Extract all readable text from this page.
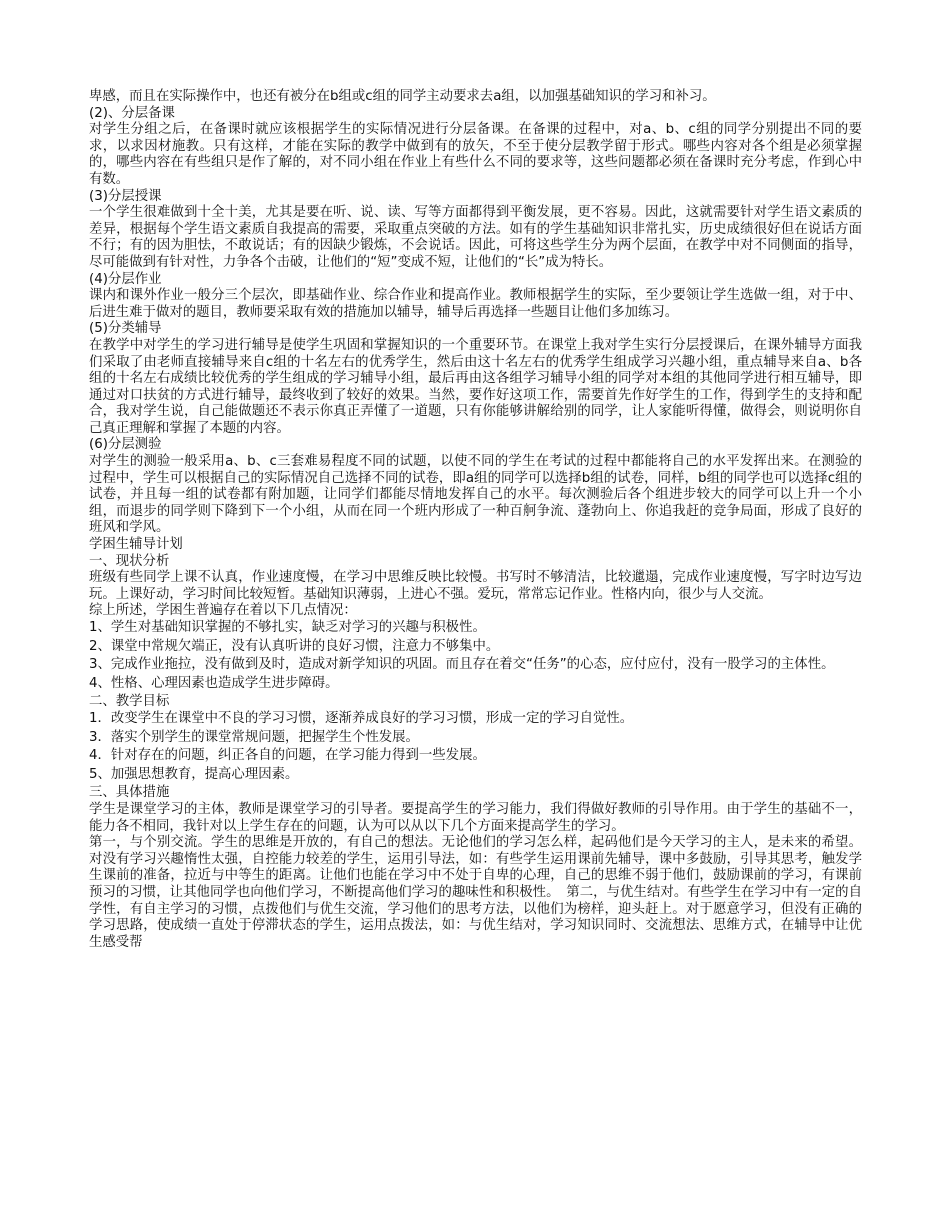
卑感，而且在实际操作中，也还有被分在b组或c组的同学主动要求去a组，以加强基础知识的学习和补习。

(2)、分层备课

对学生分组之后，在备课时就应该根据学生的实际情况进行分层备课。在备课的过程中，对a、b、c组的同学分别提出不同的要求，以求因材施教。只有这样，才能在实际的教学中做到有的放矢，不至于使分层教学留于形式。哪些内容对各个组是必须掌握的，哪些内容在有些组只是作了解的，对不同小组在作业上有些什么不同的要求等，这些问题都必须在备课时充分考虑，作到心中有数。

(3)分层授课

一个学生很难做到十全十美，尤其是要在听、说、读、写等方面都得到平衡发展，更不容易。因此，这就需要针对学生语文素质的差异，根据每个学生语文素质自我提高的需要，采取重点突破的方法。如有的学生基础知识非常扎实，历史成绩很好但在说话方面不行；有的因为胆怯，不敢说话；有的因缺少锻炼，不会说话。因此，可将这些学生分为两个层面，在教学中对不同侧面的指导，尽可能做到有针对性，力争各个击破，让他们的“短”变成不短，让他们的“长”成为特长。

(4)分层作业

课内和课外作业一般分三个层次，即基础作业、综合作业和提高作业。教师根据学生的实际，至少要领让学生选做一组，对于中、后进生难于做对的题目，教师要采取有效的措施加以辅导，辅导后再选择一些题目让他们多加练习。

(5)分类辅导

在教学中对学生的学习进行辅导是使学生巩固和掌握知识的一个重要环节。在课堂上我对学生实行分层授课后，在课外辅导方面我们采取了由老师直接辅导来自c组的十名左右的优秀学生，然后由这十名左右的优秀学生组成学习兴趣小组，重点辅导来自a、b各组的十名左右成绩比较优秀的学生组成的学习辅导小组，最后再由这各组学习辅导小组的同学对本组的其他同学进行相互辅导，即通过对口扶贫的方式进行辅导，最终收到了较好的效果。当然，要作好这项工作，需要首先作好学生的工作，得到学生的支持和配合，我对学生说，自己能做题还不表示你真正弄懂了一道题，只有你能够讲解给别的同学，让人家能听得懂，做得会，则说明你自己真正理解和掌握了本题的内容。

(6)分层测验

对学生的测验一般采用a、b、c三套难易程度不同的试题，以使不同的学生在考试的过程中都能将自己的水平发挥出来。在测验的过程中，学生可以根据自己的实际情况自己选择不同的试卷，即a组的同学可以选择b组的试卷，同样，b组的同学也可以选择c组的试卷，并且每一组的试卷都有附加题，让同学们都能尽情地发挥自己的水平。每次测验后各个组进步较大的同学可以上升一个小组，而退步的同学则下降到下一个小组，从而在同一个班内形成了一种百舸争流、蓬勃向上、你追我赶的竞争局面，形成了良好的班风和学风。

学困生辅导计划

一、现状分析

班级有些同学上课不认真，作业速度慢，在学习中思维反映比较慢。书写时不够清洁，比较邋遢，完成作业速度慢，写字时边写边玩。上课好动，学习时间比较短暂。基础知识薄弱，上进心不强。爱玩，常常忘记作业。性格内向，很少与人交流。

综上所述，学困生普遍存在着以下几点情况：

1、学生对基础知识掌握的不够扎实，缺乏对学习的兴趣与积极性。

2、课堂中常规欠端正，没有认真听讲的良好习惯，注意力不够集中。

3、完成作业拖拉，没有做到及时，造成对新学知识的巩固。而且存在着交“任务”的心态，应付应付，没有一股学习的主体性。

4、性格、心理因素也造成学生进步障碍。

二、教学目标

1．改变学生在课堂中不良的学习习惯，逐渐养成良好的学习习惯，形成一定的学习自觉性。

3．落实个别学生的课堂常规问题，把握学生个性发展。

4．针对存在的问题，纠正各自的问题，在学习能力得到一些发展。

5、加强思想教育，提高心理因素。

三、具体措施

学生是课堂学习的主体，教师是课堂学习的引导者。要提高学生的学习能力，我们得做好教师的引导作用。由于学生的基础不一，能力各不相同，我针对以上学生存在的问题，认为可以从以下几个方面来提高学生的学习。

第一，与个别交流。学生的思维是开放的，有自己的想法。无论他们的学习怎么样，起码他们是今天学习的主人，是未来的希望。对没有学习兴趣惰性太强，自控能力较差的学生，运用引导法，如：有些学生运用课前先辅导，课中多鼓励，引导其思考，触发学生课前的准备，拉近与中等生的距离。让他们也能在学习中不处于自卑的心理，自己的思维不弱于他们，鼓励课前的学习，有课前预习的习惯，让其他同学也向他们学习，不断提高他们学习的趣味性和积极性。　第二，与优生结对。有些学生在学习中有一定的自学性，有自主学习的习惯，点拨他们与优生交流，学习他们的思考方法，以他们为榜样，迎头赶上。对于愿意学习，但没有正确的学习思路，使成绩一直处于停滞状态的学生，运用点拨法，如：与优生结对，学习知识同时、交流想法、思维方式，在辅导中让优生感受帮
